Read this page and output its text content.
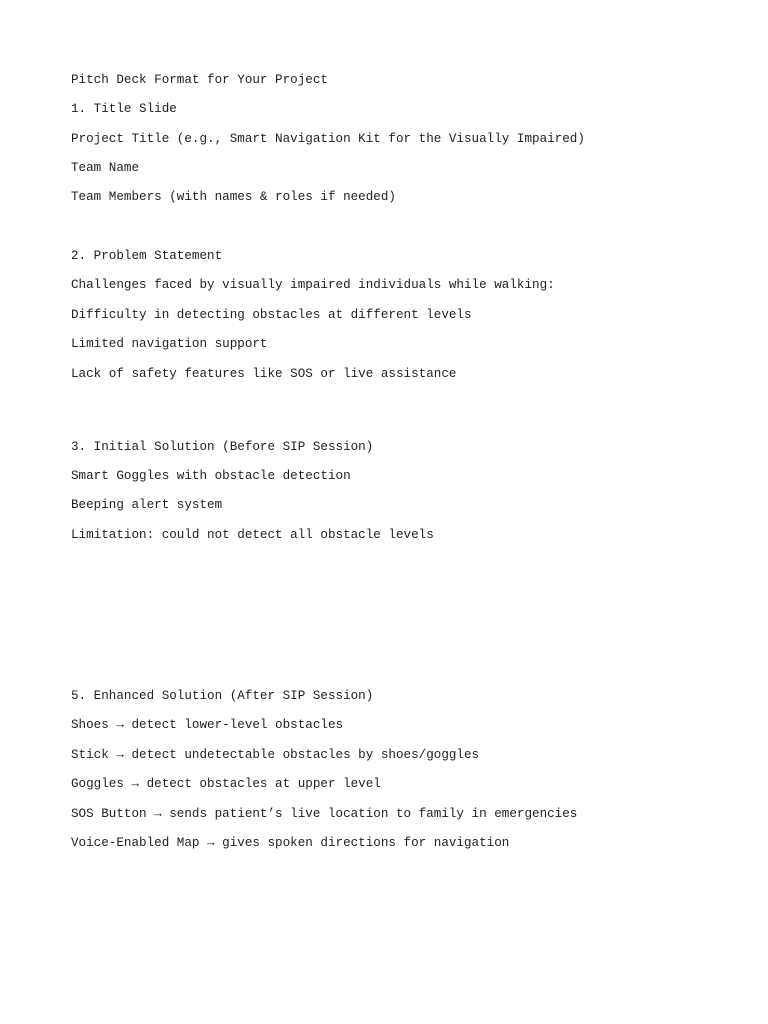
Pitch Deck Format for Your Project

1. Title Slide

Project Title (e.g., Smart Navigation Kit for the Visually Impaired)

Team Name

Team Members (with names & roles if needed)

2. Problem Statement

Challenges faced by visually impaired individuals while walking:

Difficulty in detecting obstacles at different levels

Limited navigation support

Lack of safety features like SOS or live assistance

3. Initial Solution (Before SIP Session)

Smart Goggles with obstacle detection

Beeping alert system

Limitation: could not detect all obstacle levels

5. Enhanced Solution (After SIP Session)

Shoes → detect lower-level obstacles

Stick → detect undetectable obstacles by shoes/goggles

Goggles → detect obstacles at upper level

SOS Button → sends patient’s live location to family in emergencies

Voice-Enabled Map → gives spoken directions for navigation
